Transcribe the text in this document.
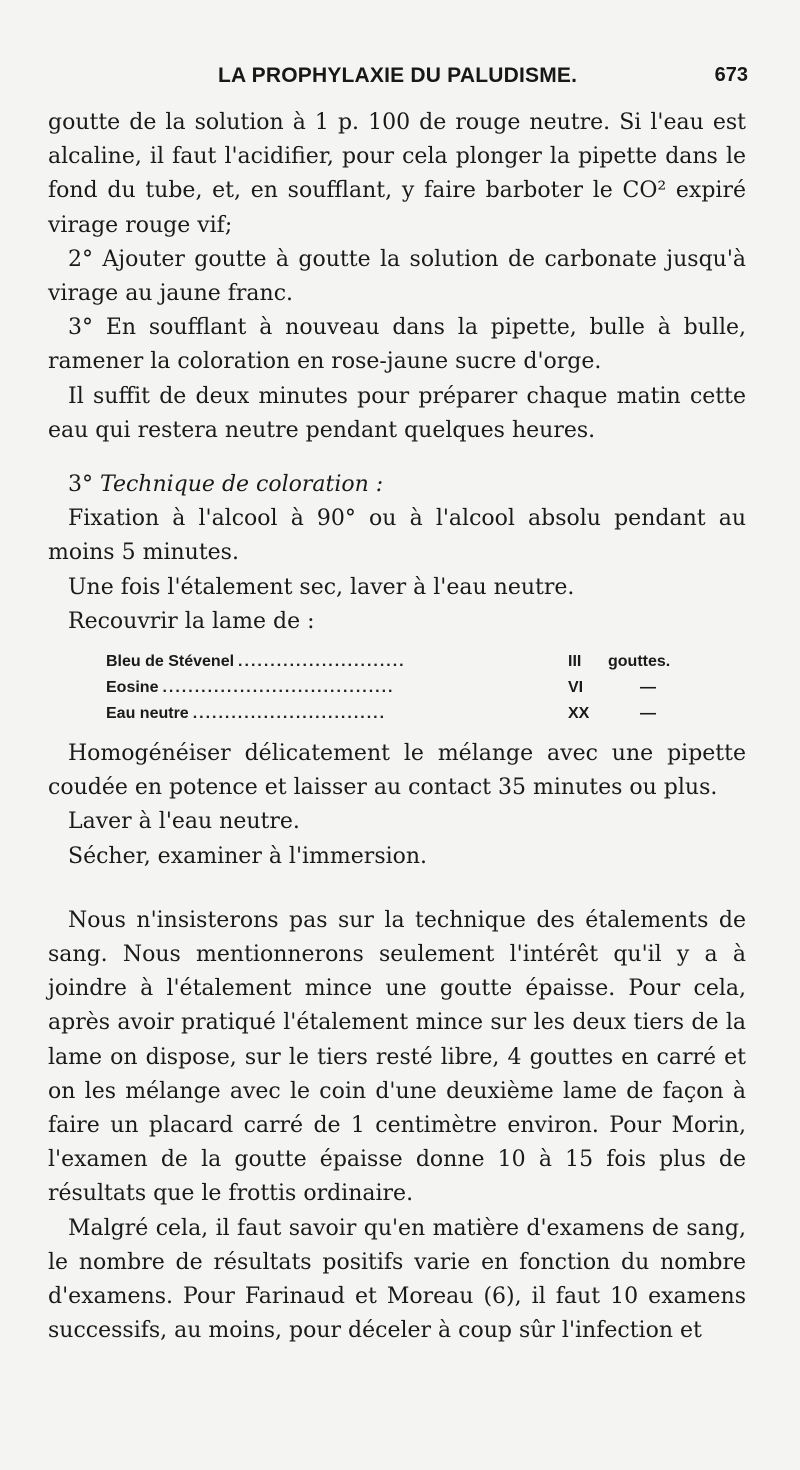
LA PROPHYLAXIE DU PALUDISME.	673

goutte de la solution à 1 p. 100 de rouge neutre. Si l'eau est alcaline, il faut l'acidifier, pour cela plonger la pipette dans le fond du tube, et, en soufflant, y faire barboter le CO² expiré virage rouge vif;

2° Ajouter goutte à goutte la solution de carbonate jusqu'à virage au jaune franc.

3° En soufflant à nouveau dans la pipette, bulle à bulle, ramener la coloration en rose-jaune sucre d'orge.

Il suffit de deux minutes pour préparer chaque matin cette eau qui restera neutre pendant quelques heures.

3° Technique de coloration :

Fixation à l'alcool à 90° ou à l'alcool absolu pendant au moins 5 minutes.

Une fois l'étalement sec, laver à l'eau neutre.

Recouvrir la lame de :

Bleu de Stévenel ..........................	III	gouttes.
Eosine ....................................	VI	—
Eau neutre ..............................	XX	—

Homogénéiser délicatement le mélange avec une pipette coudée en potence et laisser au contact 35 minutes ou plus.

Laver à l'eau neutre.

Sécher, examiner à l'immersion.

Nous n'insisterons pas sur la technique des étalements de sang. Nous mentionnerons seulement l'intérêt qu'il y a à joindre à l'étalement mince une goutte épaisse. Pour cela, après avoir pratiqué l'étalement mince sur les deux tiers de la lame on dispose, sur le tiers resté libre, 4 gouttes en carré et on les mélange avec le coin d'une deuxième lame de façon à faire un placard carré de 1 centimètre environ. Pour Morin, l'examen de la goutte épaisse donne 10 à 15 fois plus de résultats que le frottis ordinaire.

Malgré cela, il faut savoir qu'en matière d'examens de sang, le nombre de résultats positifs varie en fonction du nombre d'examens. Pour Farinaud et Moreau (6), il faut 10 examens successifs, au moins, pour déceler à coup sûr l'infection et
